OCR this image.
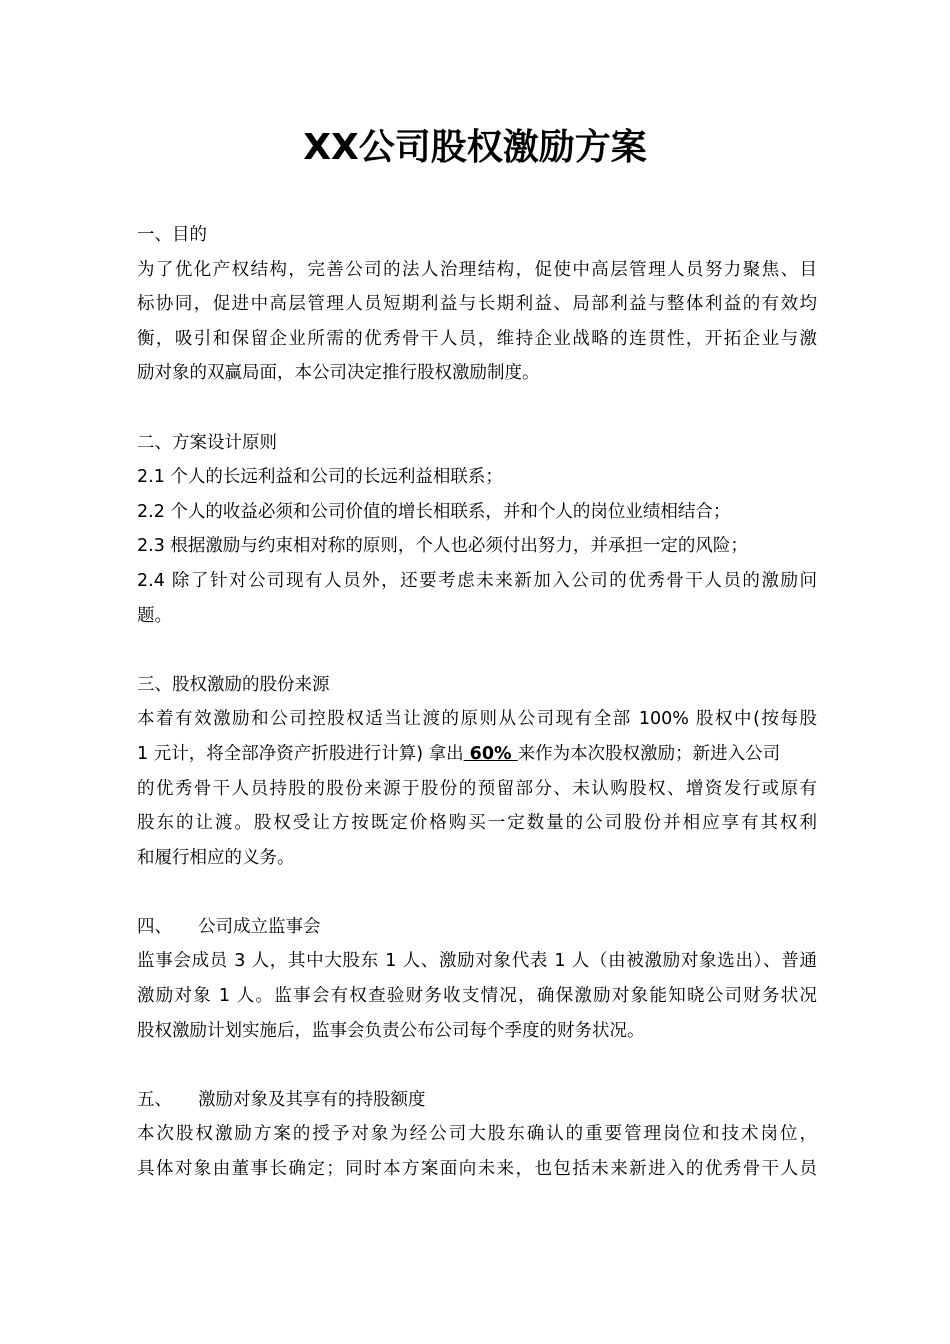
XX公司股权激励方案
一、目的
为了优化产权结构，完善公司的法人治理结构，促使中高层管理人员努力聚焦、目
标协同，促进中高层管理人员短期利益与长期利益、局部利益与整体利益的有效均
衡，吸引和保留企业所需的优秀骨干人员，维持企业战略的连贯性，开拓企业与激
励对象的双赢局面，本公司决定推行股权激励制度。
二、方案设计原则
2.1 个人的长远利益和公司的长远利益相联系；
2.2 个人的收益必须和公司价值的增长相联系，并和个人的岗位业绩相结合；
2.3 根据激励与约束相对称的原则，个人也必须付出努力，并承担一定的风险；
2.4 除了针对公司现有人员外，还要考虑未来新加入公司的优秀骨干人员的激励问
题。
三、股权激励的股份来源
本着有效激励和公司控股权适当让渡的原则从公司现有全部 100% 股权中(按每股
1 元计，将全部净资产折股进行计算) 拿出 60% 来作为本次股权激励；新进入公司
的优秀骨干人员持股的股份来源于股份的预留部分、未认购股权、增资发行或原有
股东的让渡。股权受让方按既定价格购买一定数量的公司股份并相应享有其权利
和履行相应的义务。
四、 公司成立监事会
监事会成员 3 人，其中大股东 1 人、激励对象代表 1 人（由被激励对象选出）、普通
激励对象 1 人。监事会有权查验财务收支情况，确保激励对象能知晓公司财务状况
股权激励计划实施后，监事会负责公布公司每个季度的财务状况。
五、 激励对象及其享有的持股额度
本次股权激励方案的授予对象为经公司大股东确认的重要管理岗位和技术岗位，
具体对象由董事长确定；同时本方案面向未来，也包括未来新进入的优秀骨干人员
